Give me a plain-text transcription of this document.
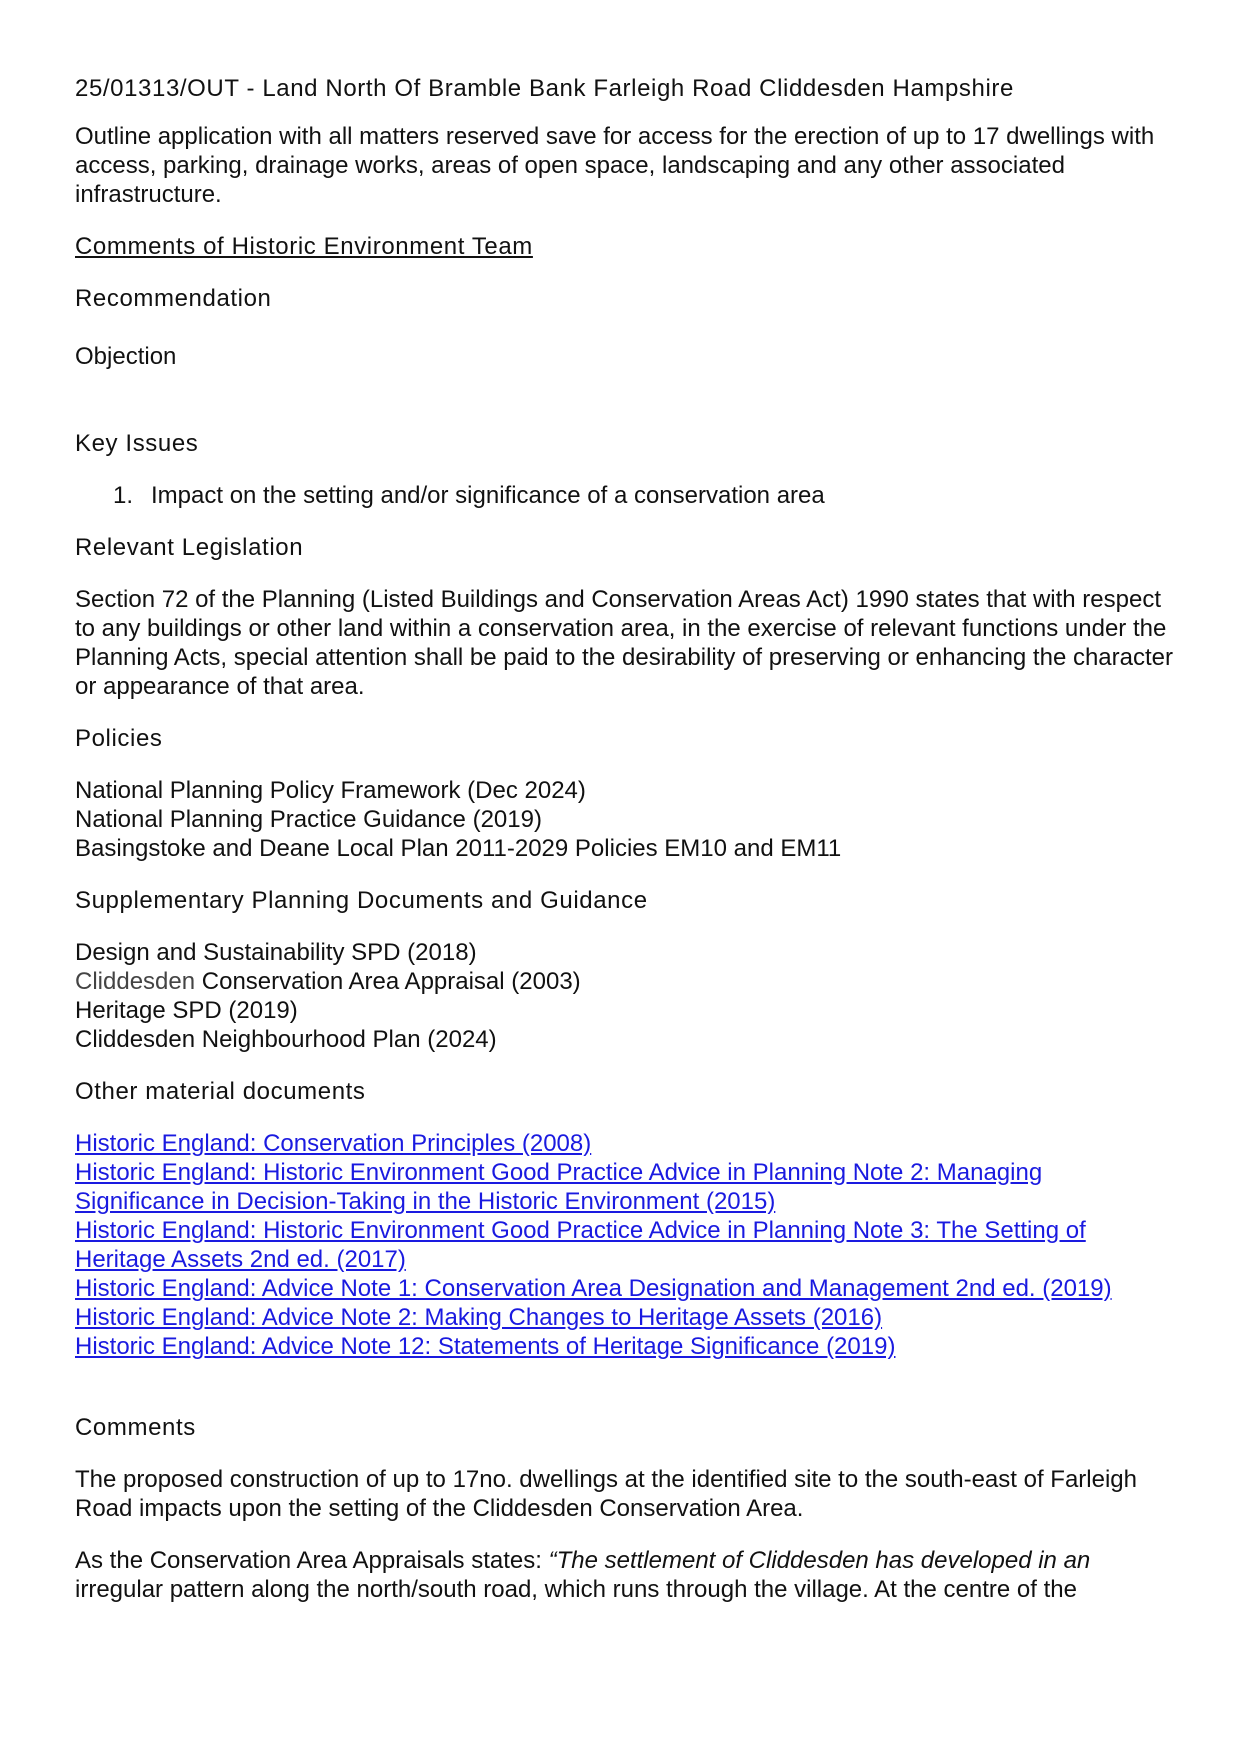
25/01313/OUT - Land North Of Bramble Bank Farleigh Road Cliddesden Hampshire

Outline application with all matters reserved save for access for the erection of up to 17 dwellings with access, parking, drainage works, areas of open space, landscaping and any other associated infrastructure.

Comments of Historic Environment Team

Recommendation

Objection

Key Issues

1. Impact on the setting and/or significance of a conservation area

Relevant Legislation

Section 72 of the Planning (Listed Buildings and Conservation Areas Act) 1990 states that with respect to any buildings or other land within a conservation area, in the exercise of relevant functions under the Planning Acts, special attention shall be paid to the desirability of preserving or enhancing the character or appearance of that area.

Policies

National Planning Policy Framework (Dec 2024)
National Planning Practice Guidance (2019)
Basingstoke and Deane Local Plan 2011-2029 Policies EM10 and EM11

Supplementary Planning Documents and Guidance

Design and Sustainability SPD (2018)
Cliddesden Conservation Area Appraisal (2003)
Heritage SPD (2019)
Cliddesden Neighbourhood Plan (2024)

Other material documents

Historic England: Conservation Principles (2008)
Historic England: Historic Environment Good Practice Advice in Planning Note 2: Managing
Significance in Decision-Taking in the Historic Environment (2015)
Historic England: Historic Environment Good Practice Advice in Planning Note 3: The Setting of
Heritage Assets 2nd ed. (2017)
Historic England: Advice Note 1: Conservation Area Designation and Management 2nd ed. (2019)
Historic England: Advice Note 2: Making Changes to Heritage Assets (2016)
Historic England: Advice Note 12: Statements of Heritage Significance (2019)

Comments

The proposed construction of up to 17no. dwellings at the identified site to the south-east of Farleigh Road impacts upon the setting of the Cliddesden Conservation Area.

As the Conservation Area Appraisals states: “The settlement of Cliddesden has developed in an
irregular pattern along the north/south road, which runs through the village. At the centre of the
